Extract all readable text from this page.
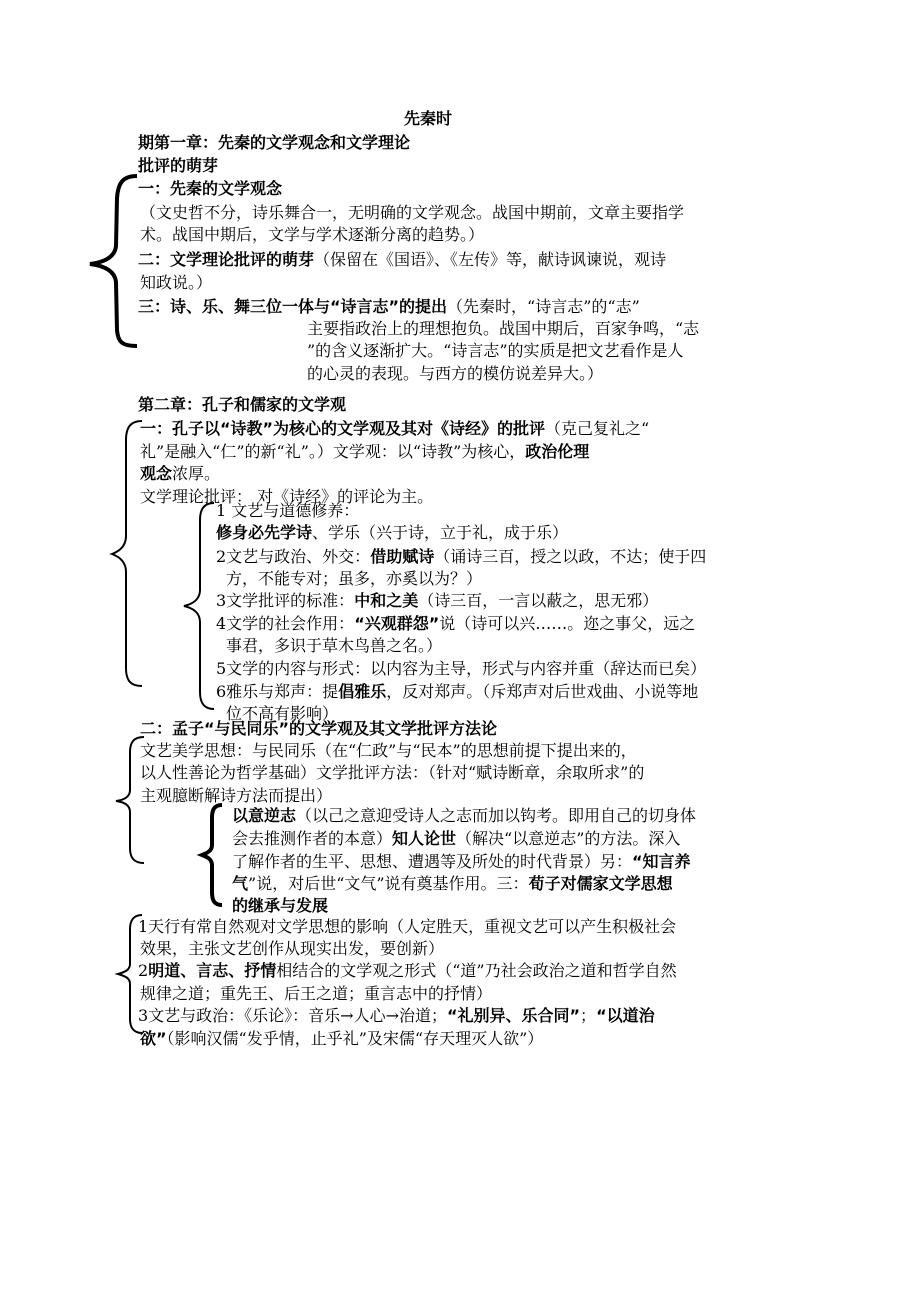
先秦时
期第一章：先秦的文学观念和文学理论
批评的萌芽
一：先秦的文学观念
（文史哲不分，诗乐舞合一，无明确的文学观念。战国中期前，文章主要指学
术。战国中期后，文学与学术逐渐分离的趋势。）
二：文学理论批评的萌芽（保留在《国语》、《左传》等，献诗讽谏说，观诗
知政说。）
三：诗、乐、舞三位一体与“诗言志”的提出（先秦时，“诗言志”的“志”
主要指政治上的理想抱负。战国中期后，百家争鸣，“志
”的含义逐渐扩大。“诗言志”的实质是把文艺看作是人
的心灵的表现。与西方的模仿说差异大。）
第二章：孔子和儒家的文学观
一：孔子以“诗教”为核心的文学观及其对《诗经》的批评（克己复礼之“
礼”是融入“仁”的新“礼”。）文学观：以“诗教”为核心，政治伦理
观念浓厚。
文学理论批评： 对《诗经》的评论为主。
1 文艺与道德修养：
修身必先学诗、学乐（兴于诗，立于礼，成于乐）
2文艺与政治、外交：借助赋诗（诵诗三百，授之以政，不达；使于四
方，不能专对；虽多，亦奚以为？）
3文学批评的标准：中和之美（诗三百，一言以蔽之，思无邪）
4文学的社会作用：“兴观群怨”说（诗可以兴……。迩之事父，远之
事君，多识于草木鸟兽之名。）
5文学的内容与形式：以内容为主导，形式与内容并重（辞达而已矣）
6雅乐与郑声：提倡雅乐，反对郑声。（斥郑声对后世戏曲、小说等地
位不高有影响）
二：孟子“与民同乐”的文学观及其文学批评方法论
文艺美学思想：与民同乐（在“仁政”与“民本”的思想前提下提出来的，
以人性善论为哲学基础）文学批评方法：（针对“赋诗断章，余取所求”的
主观臆断解诗方法而提出）
以意逆志（以己之意迎受诗人之志而加以钩考。即用自己的切身体
会去推测作者的本意）知人论世（解决“以意逆志”的方法。深入
了解作者的生平、思想、遭遇等及所处的时代背景）另：“知言养
气”说，对后世“文气”说有奠基作用。三：荀子对儒家文学思想
的继承与发展
1天行有常自然观对文学思想的影响（人定胜天，重视文艺可以产生积极社会
效果，主张文艺创作从现实出发，要创新）
2明道、言志、抒情相结合的文学观之形式（“道”乃社会政治之道和哲学自然
规律之道；重先王、后王之道；重言志中的抒情）
3文艺与政治：《乐论》：音乐→人心→治道；“礼别异、乐合同”；“以道治
欲”（影响汉儒“发乎情，止乎礼”及宋儒“存天理灭人欲”）
